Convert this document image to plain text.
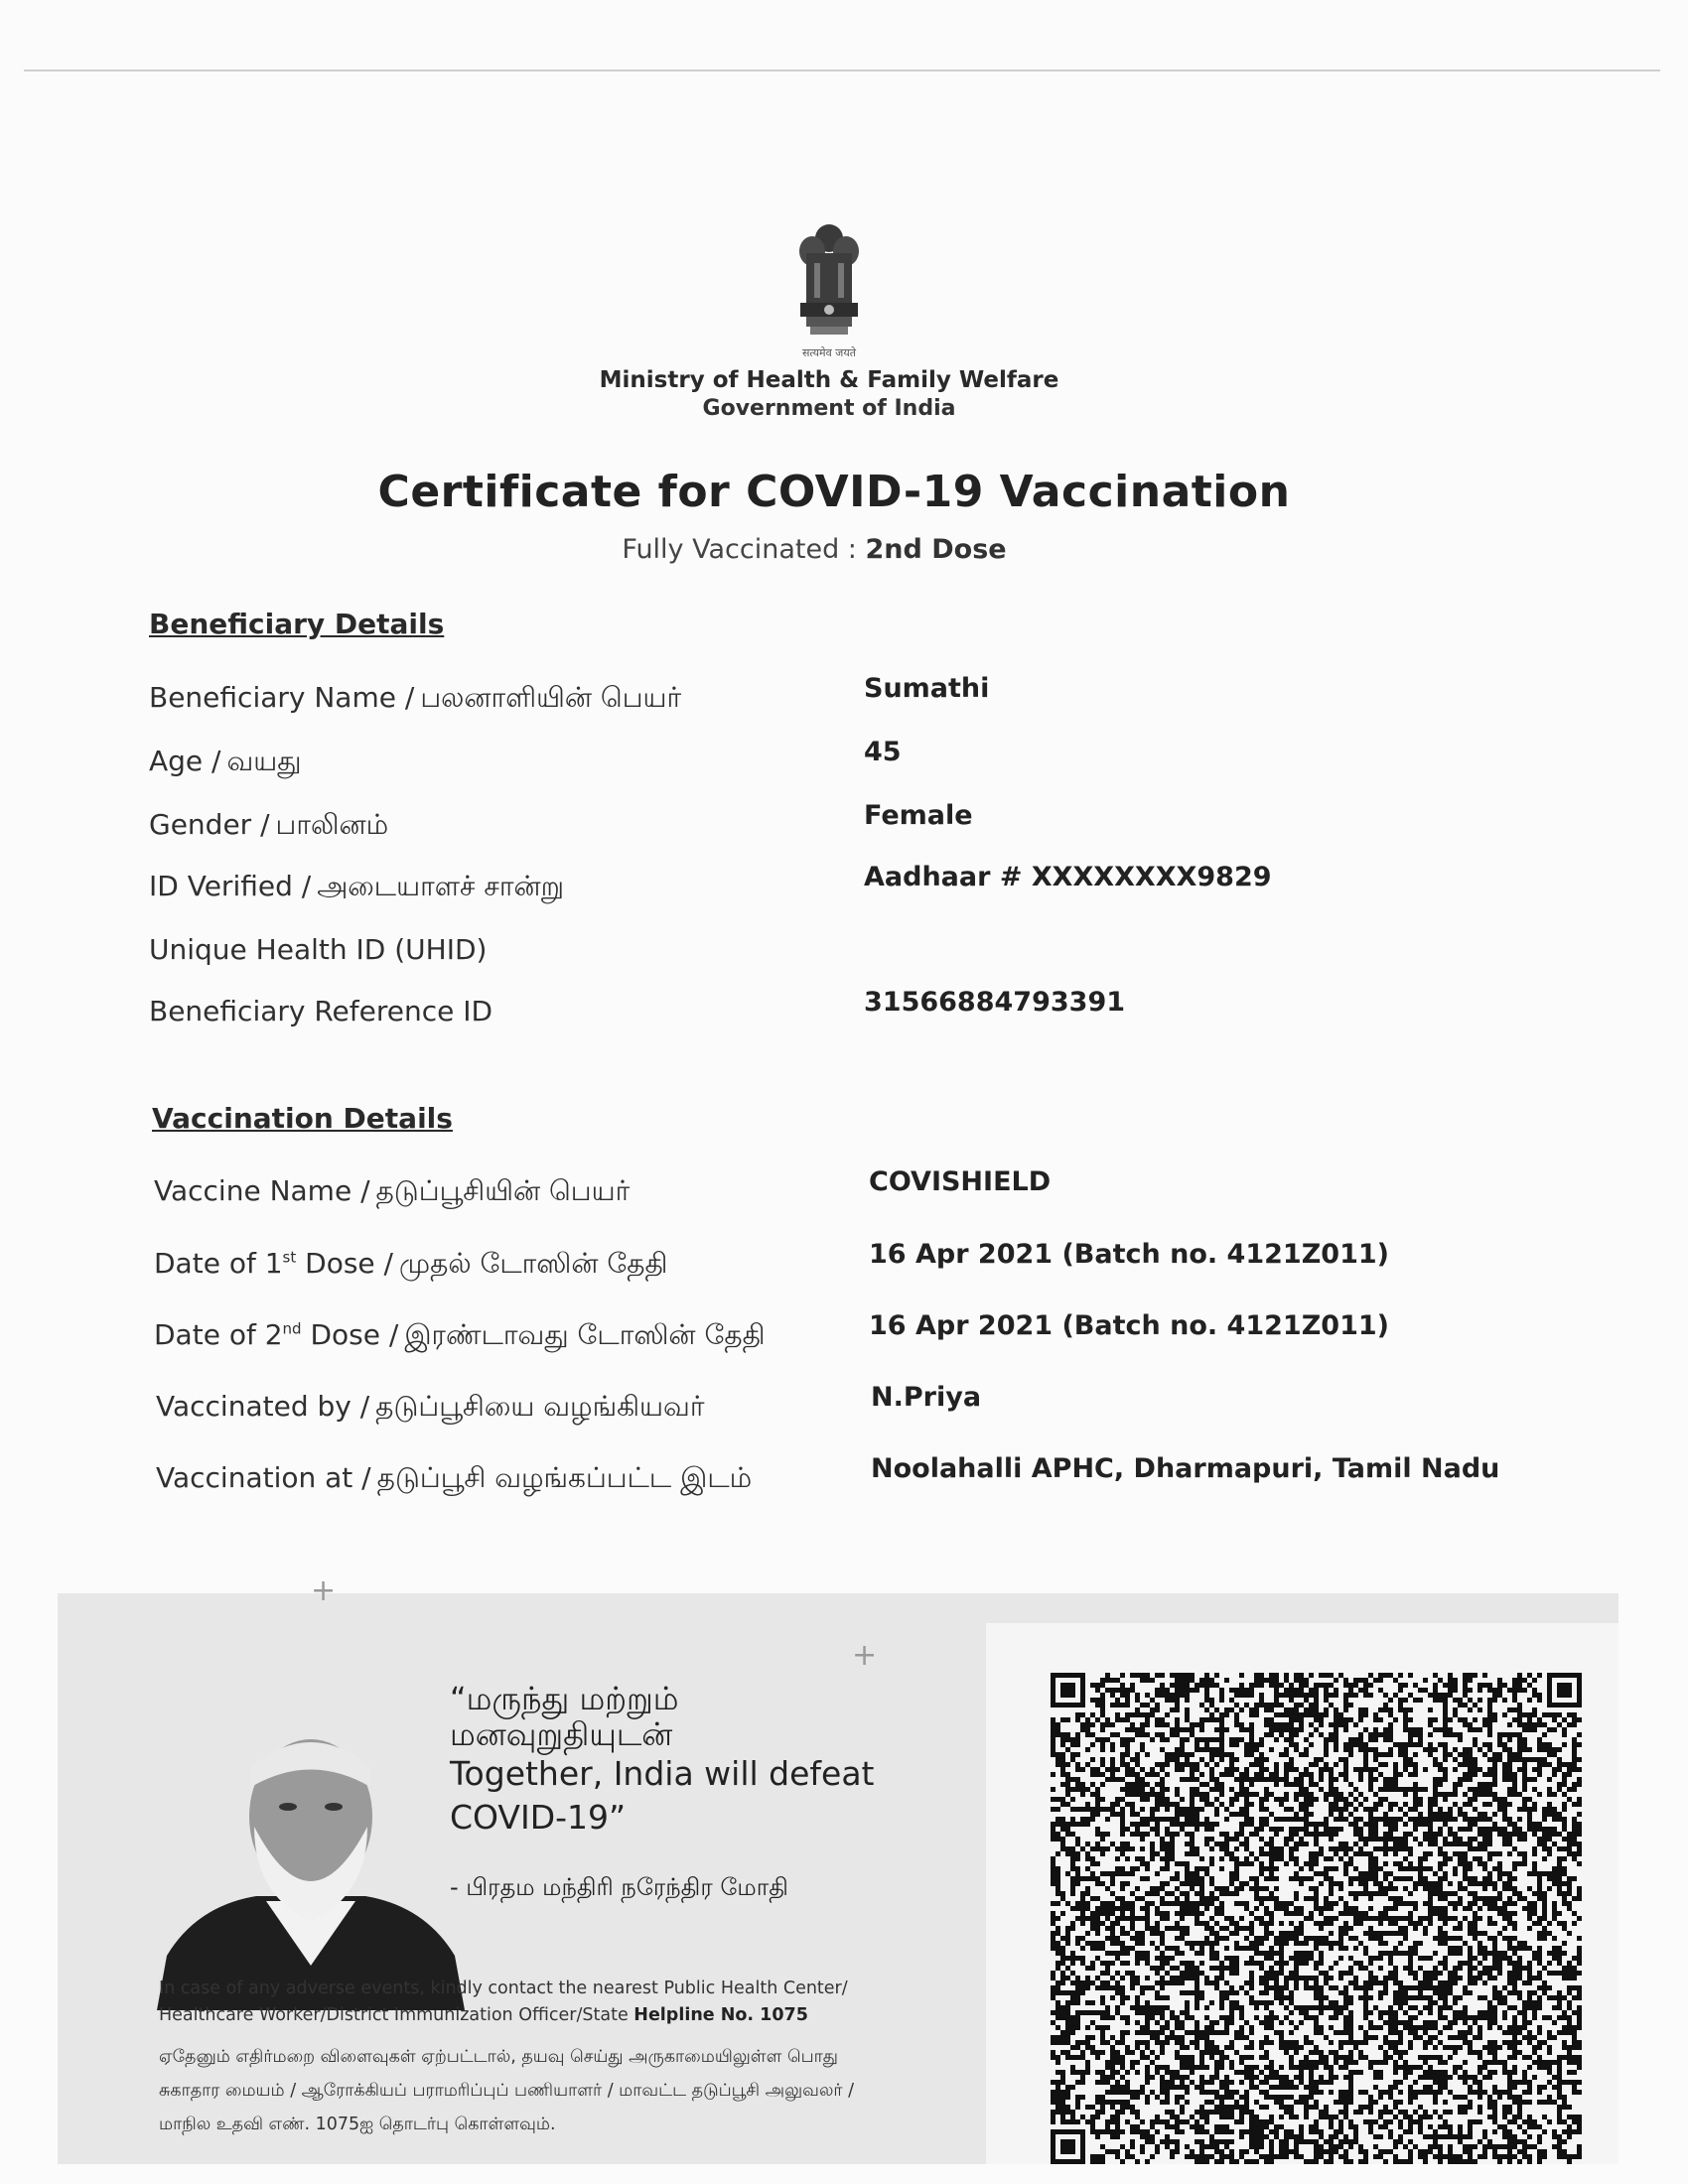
सत्यमेव जयते
Ministry of Health & Family Welfare
Government of India
Certificate for COVID-19 Vaccination
Fully Vaccinated : 2nd Dose
Beneficiary Details
Beneficiary Name / பலனாளியின் பெயர்	Sumathi
Age / வயது	45
Gender / பாலினம்	Female
ID Verified / அடையாளச் சான்று	Aadhaar # XXXXXXXX9829
Unique Health ID (UHID)
Beneficiary Reference ID	31566884793391
Vaccination Details
Vaccine Name / தடுப்பூசியின் பெயர்	COVISHIELD
Date of 1st Dose / முதல் டோஸின் தேதி	16 Apr 2021 (Batch no. 4121Z011)
Date of 2nd Dose / இரண்டாவது டோஸின் தேதி	16 Apr 2021 (Batch no. 4121Z011)
Vaccinated by / தடுப்பூசியை வழங்கியவர்	N.Priya
Vaccination at / தடுப்பூசி வழங்கப்பட்ட இடம்	Noolahalli APHC, Dharmapuri, Tamil Nadu
+
+
“மருந்து மற்றும்
மனவுறுதியுடன்
Together, India will defeat
COVID-19”
- பிரதம மந்திரி நரேந்திர மோதி
In case of any adverse events, kindly contact the nearest Public Health Center/
Healthcare Worker/District Immunization Officer/State Helpline No. 1075
ஏதேனும் எதிர்மறை விளைவுகள் ஏற்பட்டால், தயவு செய்து அருகாமையிலுள்ள பொது
சுகாதார மையம் / ஆரோக்கியப் பராமரிப்புப் பணியாளர் / மாவட்ட தடுப்பூசி அலுவலர் /
மாநில உதவி எண். 1075ஐ தொடர்பு கொள்ளவும்.
